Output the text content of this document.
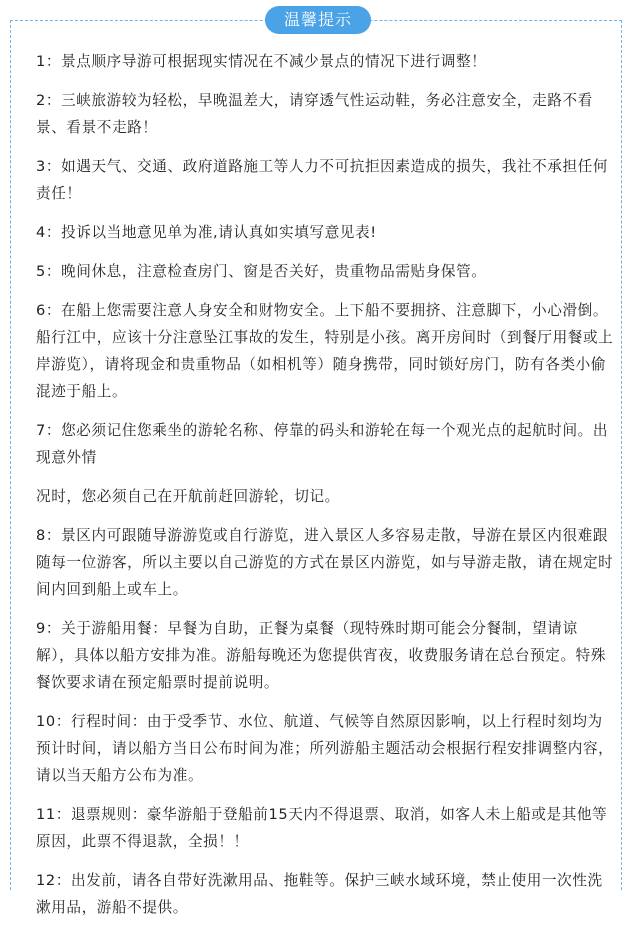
温馨提示

1：景点顺序导游可根据现实情况在不减少景点的情况下进行调整！

2：三峡旅游较为轻松，早晚温差大，请穿透气性运动鞋，务必注意安全，走路不看景、看景不走路！

3：如遇天气、交通、政府道路施工等人力不可抗拒因素造成的损失，我社不承担任何责任！

4：投诉以当地意见单为准,请认真如实填写意见表!

5：晚间休息，注意检查房门、窗是否关好，贵重物品需贴身保管。

6：在船上您需要注意人身安全和财物安全。上下船不要拥挤、注意脚下，小心滑倒。船行江中，应该十分注意坠江事故的发生，特别是小孩。离开房间时（到餐厅用餐或上岸游览），请将现金和贵重物品（如相机等）随身携带，同时锁好房门，防有各类小偷混迹于船上。

7：您必须记住您乘坐的游轮名称、停靠的码头和游轮在每一个观光点的起航时间。出现意外情

况时，您必须自己在开航前赶回游轮，切记。

8：景区内可跟随导游游览或自行游览，进入景区人多容易走散，导游在景区内很难跟随每一位游客，所以主要以自己游览的方式在景区内游览，如与导游走散，请在规定时间内回到船上或车上。

9：关于游船用餐：早餐为自助，正餐为桌餐（现特殊时期可能会分餐制，望请谅解），具体以船方安排为准。游船每晚还为您提供宵夜，收费服务请在总台预定。特殊餐饮要求请在预定船票时提前说明。

10：行程时间：由于受季节、水位、航道、气候等自然原因影响，以上行程时刻均为预计时间，请以船方当日公布时间为准；所列游船主题活动会根据行程安排调整内容，请以当天船方公布为准。

11：退票规则：豪华游船于登船前15天内不得退票、取消，如客人未上船或是其他等原因，此票不得退款，全损！！

12：出发前，请各自带好洗漱用品、拖鞋等。保护三峡水域环境，禁止使用一次性洗漱用品，游船不提供。
